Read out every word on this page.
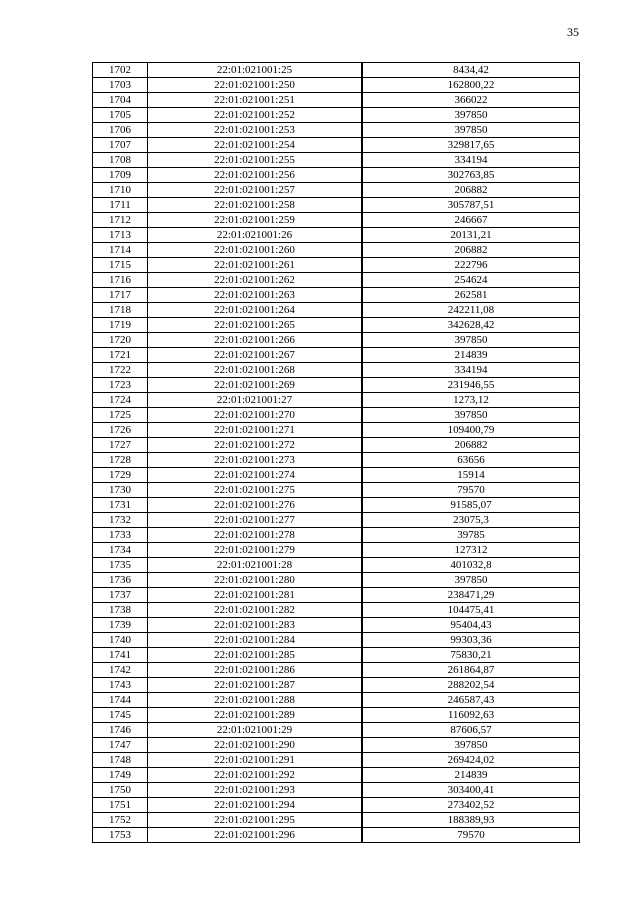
35
1702	22:01:021001:25	8434,42
1703	22:01:021001:250	162800,22
1704	22:01:021001:251	366022
1705	22:01:021001:252	397850
1706	22:01:021001:253	397850
1707	22:01:021001:254	329817,65
1708	22:01:021001:255	334194
1709	22:01:021001:256	302763,85
1710	22:01:021001:257	206882
1711	22:01:021001:258	305787,51
1712	22:01:021001:259	246667
1713	22:01:021001:26	20131,21
1714	22:01:021001:260	206882
1715	22:01:021001:261	222796
1716	22:01:021001:262	254624
1717	22:01:021001:263	262581
1718	22:01:021001:264	242211,08
1719	22:01:021001:265	342628,42
1720	22:01:021001:266	397850
1721	22:01:021001:267	214839
1722	22:01:021001:268	334194
1723	22:01:021001:269	231946,55
1724	22:01:021001:27	1273,12
1725	22:01:021001:270	397850
1726	22:01:021001:271	109400,79
1727	22:01:021001:272	206882
1728	22:01:021001:273	63656
1729	22:01:021001:274	15914
1730	22:01:021001:275	79570
1731	22:01:021001:276	91585,07
1732	22:01:021001:277	23075,3
1733	22:01:021001:278	39785
1734	22:01:021001:279	127312
1735	22:01:021001:28	401032,8
1736	22:01:021001:280	397850
1737	22:01:021001:281	238471,29
1738	22:01:021001:282	104475,41
1739	22:01:021001:283	95404,43
1740	22:01:021001:284	99303,36
1741	22:01:021001:285	75830,21
1742	22:01:021001:286	261864,87
1743	22:01:021001:287	288202,54
1744	22:01:021001:288	246587,43
1745	22:01:021001:289	116092,63
1746	22:01:021001:29	87606,57
1747	22:01:021001:290	397850
1748	22:01:021001:291	269424,02
1749	22:01:021001:292	214839
1750	22:01:021001:293	303400,41
1751	22:01:021001:294	273402,52
1752	22:01:021001:295	188389,93
1753	22:01:021001:296	79570
